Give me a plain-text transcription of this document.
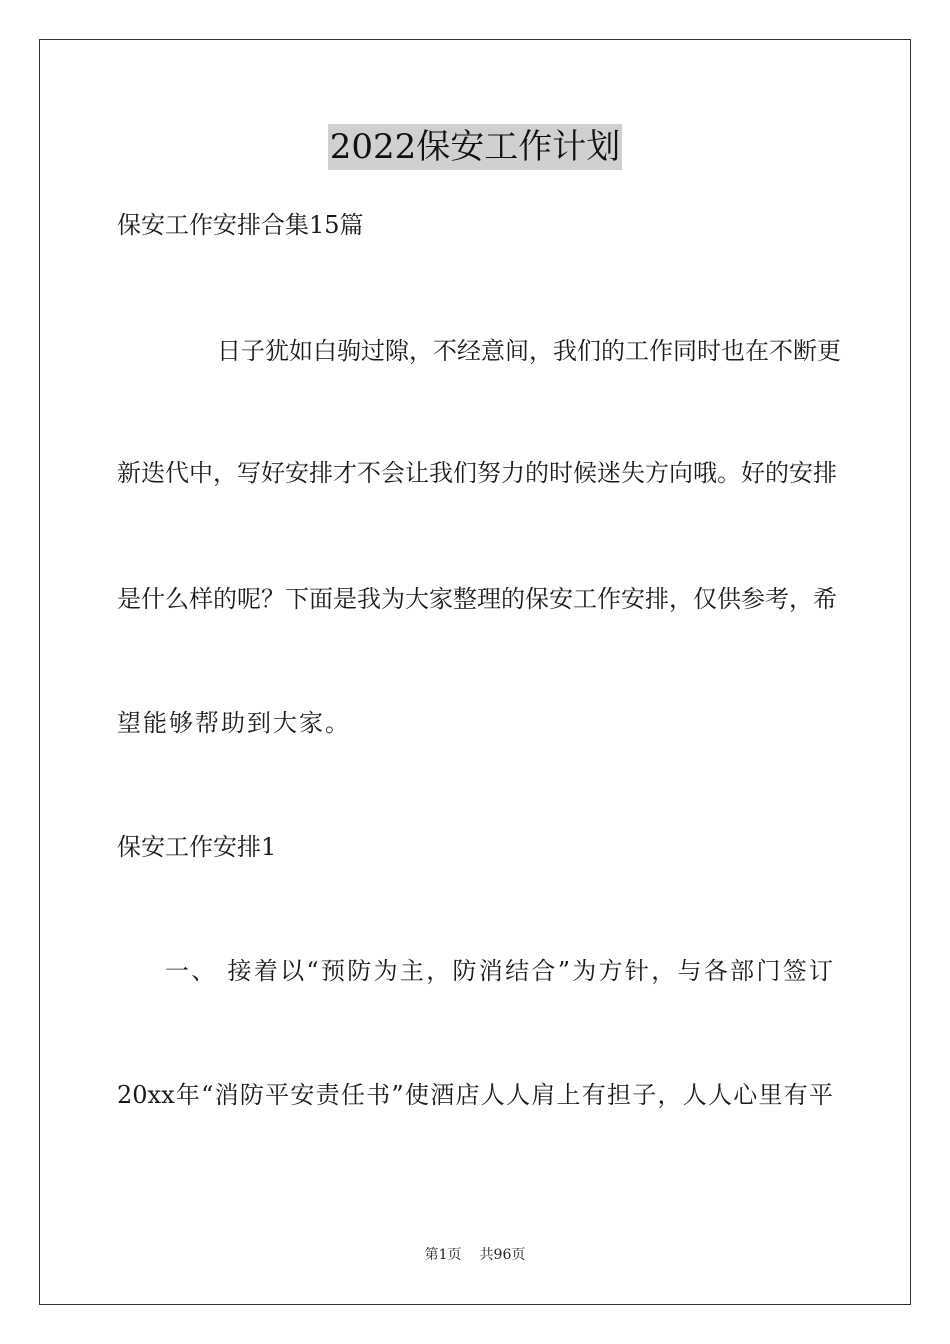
2022保安工作计划
保安工作安排合集15篇
日子犹如白驹过隙，不经意间，我们的工作同时也在不断更
新迭代中，写好安排才不会让我们努力的时候迷失方向哦。好的安排
是什么样的呢？下面是我为大家整理的保安工作安排，仅供参考，希
望能够帮助到大家。
保安工作安排1
一、 接着以“预防为主，防消结合”为方针，与各部门签订
20xx年“消防平安责任书”使酒店人人肩上有担子，人人心里有平
第1页 共96页
